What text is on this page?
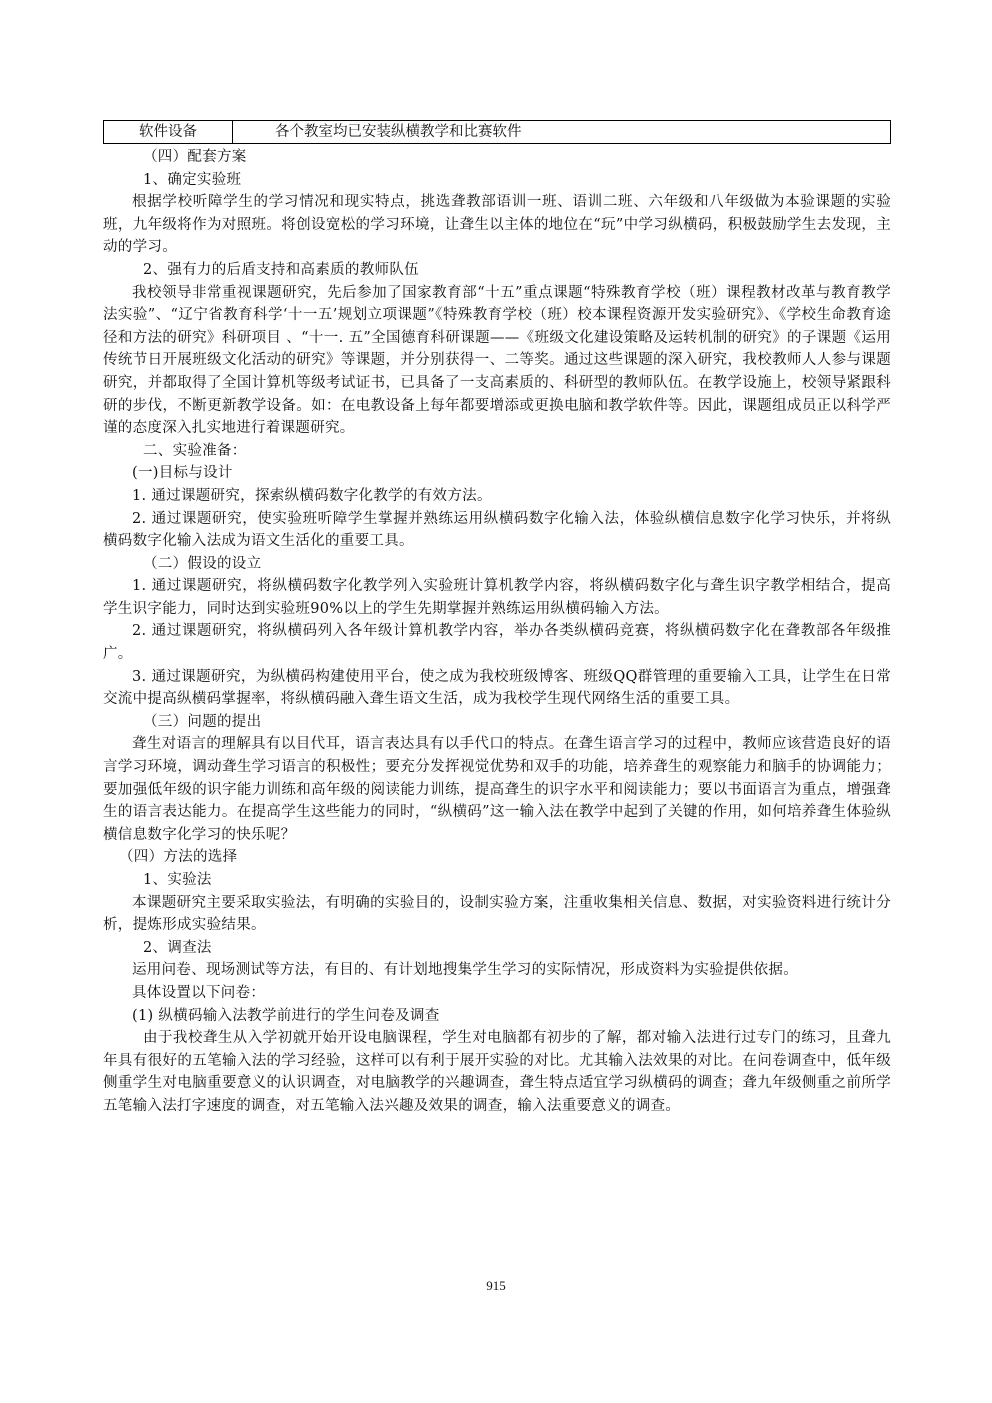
软件设备	各个教室均已安装纵横教学和比赛软件

（四）配套方案

1、确定实验班

根据学校听障学生的学习情况和现实特点，挑选聋教部语训一班、语训二班、六年级和八年级做为本验课题的实验班，九年级将作为对照班。将创设宽松的学习环境，让聋生以主体的地位在“玩”中学习纵横码，积极鼓励学生去发现，主动的学习。

2、强有力的后盾支持和高素质的教师队伍

我校领导非常重视课题研究，先后参加了国家教育部“十五”重点课题“特殊教育学校（班）课程教材改革与教育教学法实验”、“辽宁省教育科学‘十一五’规划立项课题”《特殊教育学校（班）校本课程资源开发实验研究》、《学校生命教育途径和方法的研究》科研项目 、“十一. 五”全国德育科研课题——《班级文化建设策略及运转机制的研究》的子课题《运用传统节日开展班级文化活动的研究》等课题，并分别获得一、二等奖。通过这些课题的深入研究，我校教师人人参与课题研究，并都取得了全国计算机等级考试证书，已具备了一支高素质的、科研型的教师队伍。在教学设施上，校领导紧跟科研的步伐，不断更新教学设备。如：在电教设备上每年都要增添或更换电脑和教学软件等。因此，课题组成员正以科学严谨的态度深入扎实地进行着课题研究。

二、实验准备：

(一)目标与设计

1. 通过课题研究，探索纵横码数字化教学的有效方法。

2. 通过课题研究，使实验班听障学生掌握并熟练运用纵横码数字化输入法，体验纵横信息数字化学习快乐，并将纵横码数字化输入法成为语文生活化的重要工具。

（二）假设的设立

1. 通过课题研究，将纵横码数字化教学列入实验班计算机教学内容，将纵横码数字化与聋生识字教学相结合，提高学生识字能力，同时达到实验班90%以上的学生先期掌握并熟练运用纵横码输入方法。

2. 通过课题研究，将纵横码列入各年级计算机教学内容，举办各类纵横码竞赛，将纵横码数字化在聋教部各年级推广。

3. 通过课题研究，为纵横码构建使用平台，使之成为我校班级博客、班级QQ群管理的重要输入工具，让学生在日常交流中提高纵横码掌握率，将纵横码融入聋生语文生活，成为我校学生现代网络生活的重要工具。

（三）问题的提出

聋生对语言的理解具有以目代耳，语言表达具有以手代口的特点。在聋生语言学习的过程中，教师应该营造良好的语言学习环境，调动聋生学习语言的积极性；要充分发挥视觉优势和双手的功能，培养聋生的观察能力和脑手的协调能力；要加强低年级的识字能力训练和高年级的阅读能力训练，提高聋生的识字水平和阅读能力；要以书面语言为重点，增强聋生的语言表达能力。在提高学生这些能力的同时，“纵横码”这一输入法在教学中起到了关键的作用，如何培养聋生体验纵横信息数字化学习的快乐呢？

（四）方法的选择

1、实验法

本课题研究主要采取实验法，有明确的实验目的，设制实验方案，注重收集相关信息、数据，对实验资料进行统计分析，提炼形成实验结果。

2、调查法

运用问卷、现场测试等方法，有目的、有计划地搜集学生学习的实际情况，形成资料为实验提供依据。

具体设置以下问卷：

(1) 纵横码输入法教学前进行的学生问卷及调查

由于我校聋生从入学初就开始开设电脑课程，学生对电脑都有初步的了解，都对输入法进行过专门的练习，且聋九年具有很好的五笔输入法的学习经验，这样可以有利于展开实验的对比。尤其输入法效果的对比。在问卷调查中，低年级侧重学生对电脑重要意义的认识调查，对电脑教学的兴趣调查，聋生特点适宜学习纵横码的调查；聋九年级侧重之前所学五笔输入法打字速度的调查，对五笔输入法兴趣及效果的调查，输入法重要意义的调查。

915
